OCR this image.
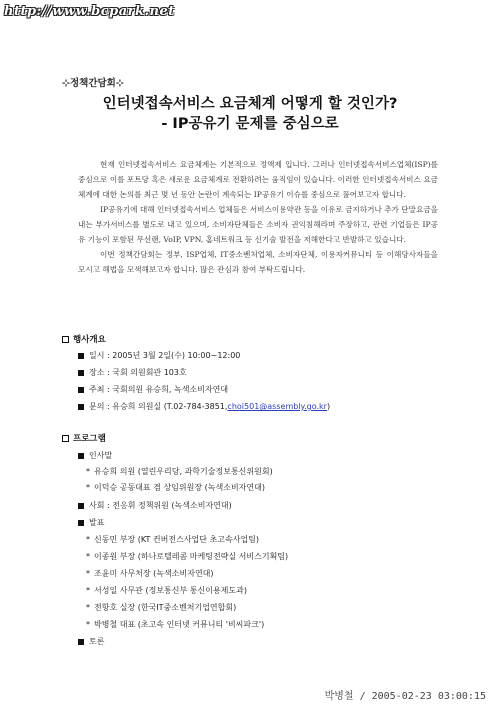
http://www.bcpark.net
⊹정책간담회⊹
인터넷접속서비스 요금체계 어떻게 할 것인가?
- IP공유기 문제를 중심으로

현재 인터넷접속서비스 요금체계는 기본적으로 정액제 입니다. 그러나 인터넷접속서비스업체(ISP)를 중심으로 이를 포트당 혹은 새로운 요금체계로 전환하려는 움직임이 있습니다. 이러한 인터넷접속서비스 요금체계에 대한 논의를 최근 몇 년 동안 논란이 계속되는 IP공유기 이슈를 중심으로 풀어보고자 합니다.

IP공유기에 대해 인터넷접속서비스 업체들은 서비스이용약관 등을 이유로 금지하거나 추가 단말요금을 내는 부가서비스를 별도로 내고 있으며, 소비자단체들은 소비자 권익침해라며 주장하고, 관련 기업들은 IP공유 기능이 포함된 무선랜, VoIP, VPN, 홈네트워크 등 신기술 발전을 저해한다고 반발하고 있습니다.

이번 정책간담회는 정부, ISP업체, IT중소벤처업체, 소비자단체, 이용자커뮤니티 등 이해당사자들을 모시고 해법을 모색해보고자 합니다. 많은 관심과 참여 부탁드립니다.

행사개요
일시 : 2005년 3월 2일(수) 10:00~12:00
장소 : 국회 의원회관 103호
주최 : 국회의원 유승희, 녹색소비자연대
문의 : 유승희 의원실 (T.02-784-3851, choi501@assembly.go.kr )
프로그램
인사말
* 유승희 의원 (열린우리당, 과학기술정보통신위원회)
* 이덕승 공동대표 겸 상임위원장 (녹색소비자연대)
사회 : 전응휘 정책위원 (녹색소비자연대)
발표
* 신동민 부장 (KT 컨버전스사업단 초고속사업팀)
* 이종원 부장 (하나로텔레콤 마케팅전략실 서비스기획팀)
* 조윤미 사무처장 (녹색소비자연대)
* 서성일 사무관 (정보통신부 통신이용제도과)
* 전항호 실장 (한국IT중소벤처기업연합회)
* 박병철 대표 (초고속 인터넷 커뮤니티 '비씨파크')
토론
박병철 / 2005-02-23 03:00:15
